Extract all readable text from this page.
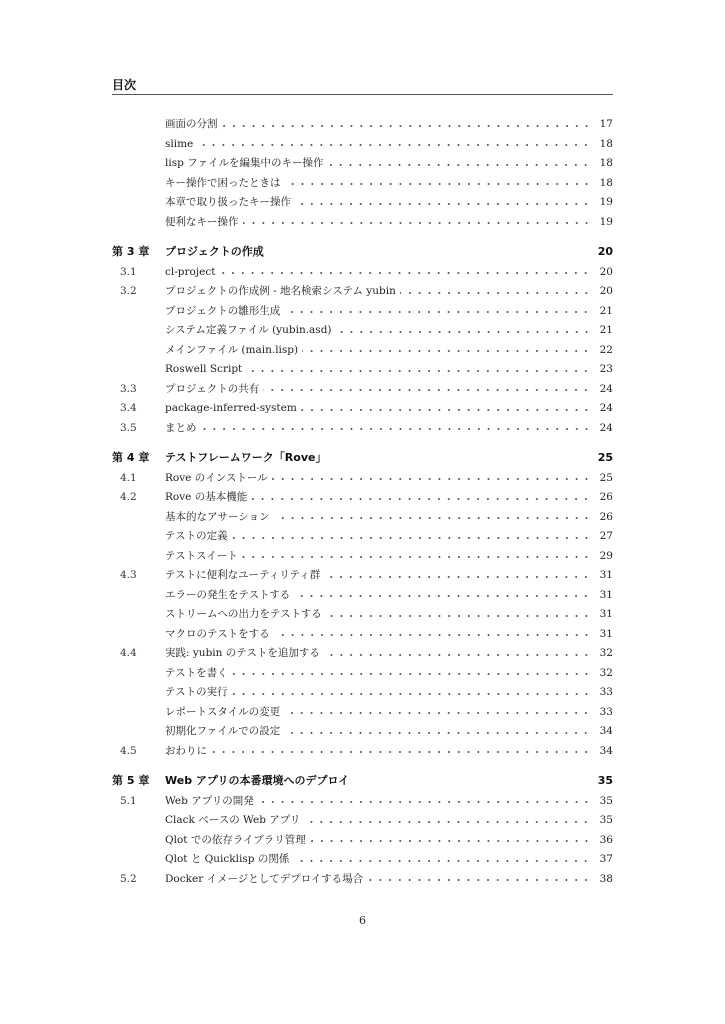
目次
画面の分割	17
slime	18
lisp ファイルを編集中のキー操作	18
キー操作で困ったときは	18
本章で取り扱ったキー操作	19
便利なキー操作	19
第 3 章	プロジェクトの作成	20
3.1	cl-project	20
3.2	プロジェクトの作成例 - 地名検索システム yubin	20
プロジェクトの雛形生成	21
システム定義ファイル (yubin.asd)	21
メインファイル (main.lisp)	22
Roswell Script	23
3.3	プロジェクトの共有	24
3.4	package-inferred-system	24
3.5	まとめ	24
第 4 章	テストフレームワーク「Rove」	25
4.1	Rove のインストール	25
4.2	Rove の基本機能	26
基本的なアサーション	26
テストの定義	27
テストスイート	29
4.3	テストに便利なユーティリティ群	31
エラーの発生をテストする	31
ストリームへの出力をテストする	31
マクロのテストをする	31
4.4	実践: yubin のテストを追加する	32
テストを書く	32
テストの実行	33
レポートスタイルの変更	33
初期化ファイルでの設定	34
4.5	おわりに	34
第 5 章	Web アプリの本番環境へのデプロイ	35
5.1	Web アプリの開発	35
Clack ベースの Web アプリ	35
Qlot での依存ライブラリ管理	36
Qlot と Quicklisp の関係	37
5.2	Docker イメージとしてデプロイする場合	38
6
